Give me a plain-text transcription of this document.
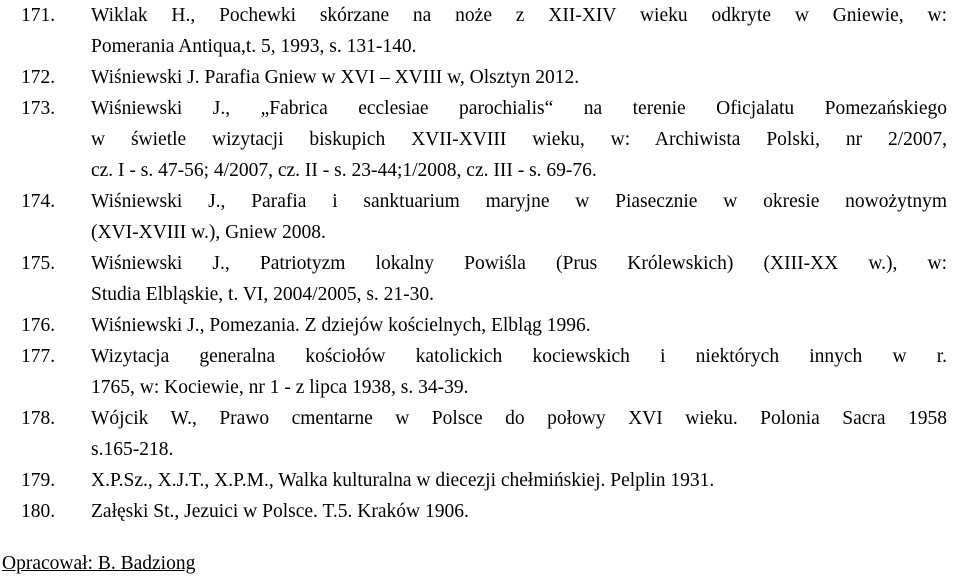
171. Wiklak H., Pochewki skórzane na noże z XII-XIV wieku odkryte w Gniewie, w:
Pomerania Antiqua,t. 5, 1993, s. 131-140.
172. Wiśniewski J. Parafia Gniew w XVI – XVIII w, Olsztyn 2012.
173. Wiśniewski J., „Fabrica ecclesiae parochialis“ na terenie Oficjalatu Pomezańskiego
w świetle wizytacji biskupich XVII-XVIII wieku, w: Archiwista Polski, nr 2/2007,
cz. I - s. 47-56; 4/2007, cz. II - s. 23-44;1/2008, cz. III - s. 69-76.
174. Wiśniewski J., Parafia i sanktuarium maryjne w Piasecznie w okresie nowożytnym
(XVI-XVIII w.), Gniew 2008.
175. Wiśniewski J., Patriotyzm lokalny Powiśla (Prus Królewskich) (XIII-XX w.), w:
Studia Elbląskie, t. VI, 2004/2005, s. 21-30.
176. Wiśniewski J., Pomezania. Z dziejów kościelnych, Elbląg 1996.
177. Wizytacja generalna kościołów katolickich kociewskich i niektórych innych w r.
1765, w: Kociewie, nr 1 - z lipca 1938, s. 34-39.
178. Wójcik W., Prawo cmentarne w Polsce do połowy XVI wieku. Polonia Sacra 1958
s.165-218.
179. X.P.Sz., X.J.T., X.P.M., Walka kulturalna w diecezji chełmińskiej. Pelplin 1931.
180. Załęski St., Jezuici w Polsce. T.5. Kraków 1906.
Opracował: B. Badziong
